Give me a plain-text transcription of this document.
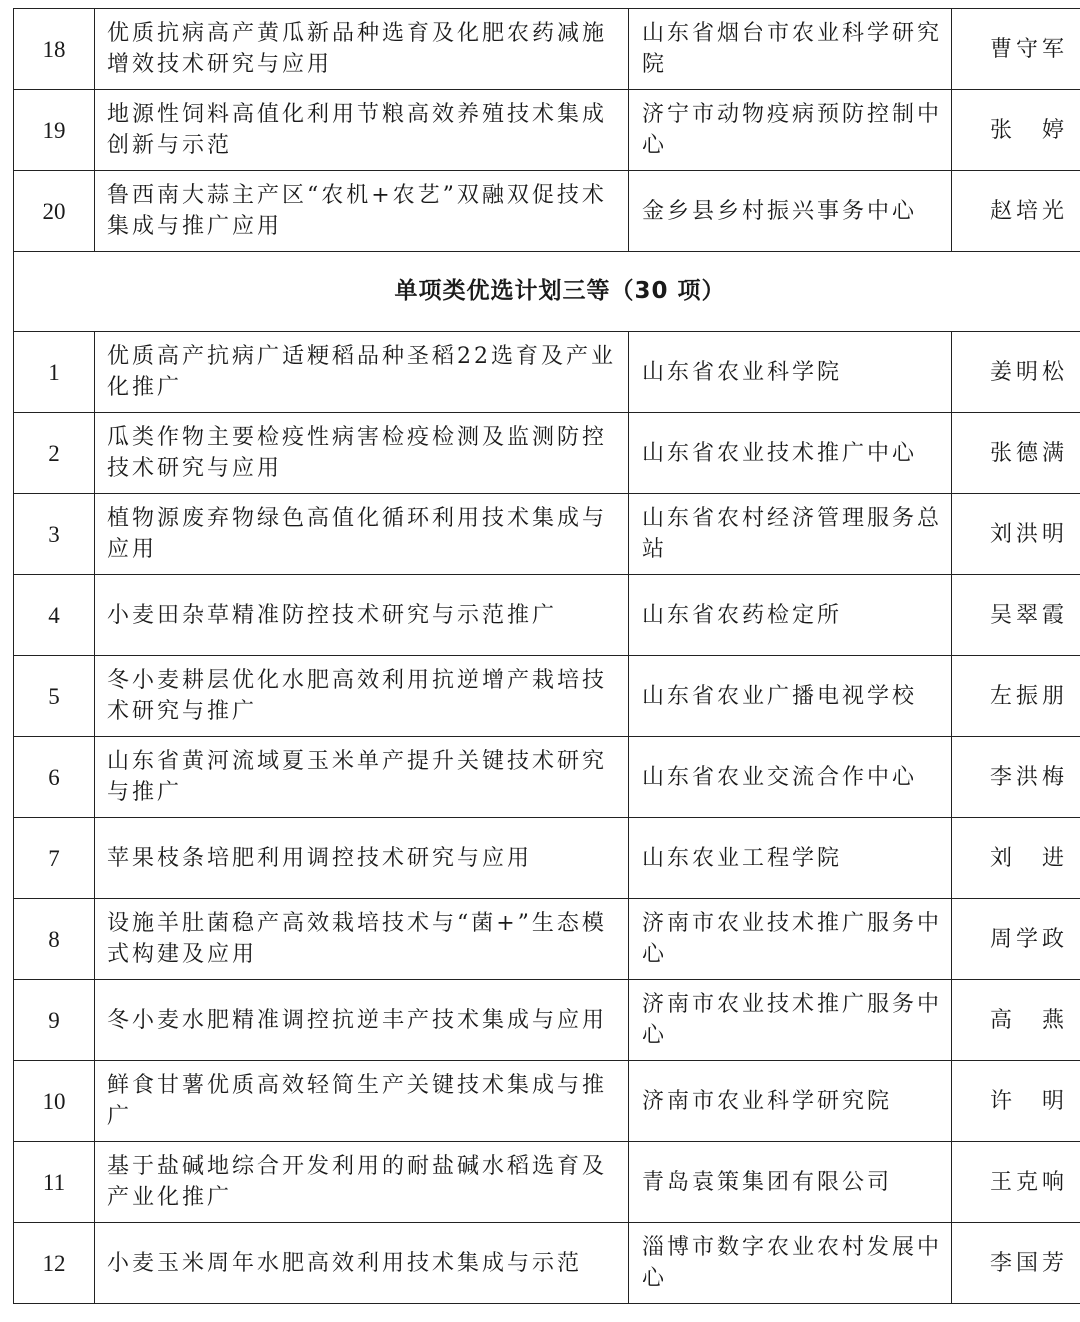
18	优质抗病高产黄瓜新品种选育及化肥农药减施增效技术研究与应用	山东省烟台市农业科学研究院	曹守军
19	地源性饲料高值化利用节粮高效养殖技术集成创新与示范	济宁市动物疫病预防控制中心	张　婷
20	鲁西南大蒜主产区“农机+农艺”双融双促技术集成与推广应用	金乡县乡村振兴事务中心	赵培光
单项类优选计划三等（30 项）			
1	优质高产抗病广适粳稻品种圣稻22选育及产业化推广	山东省农业科学院	姜明松
2	瓜类作物主要检疫性病害检疫检测及监测防控技术研究与应用	山东省农业技术推广中心	张德满
3	植物源废弃物绿色高值化循环利用技术集成与应用	山东省农村经济管理服务总站	刘洪明
4	小麦田杂草精准防控技术研究与示范推广	山东省农药检定所	吴翠霞
5	冬小麦耕层优化水肥高效利用抗逆增产栽培技术研究与推广	山东省农业广播电视学校	左振朋
6	山东省黄河流域夏玉米单产提升关键技术研究与推广	山东省农业交流合作中心	李洪梅
7	苹果枝条培肥利用调控技术研究与应用	山东农业工程学院	刘　进
8	设施羊肚菌稳产高效栽培技术与“菌+”生态模式构建及应用	济南市农业技术推广服务中心	周学政
9	冬小麦水肥精准调控抗逆丰产技术集成与应用	济南市农业技术推广服务中心	高　燕
10	鲜食甘薯优质高效轻简生产关键技术集成与推广	济南市农业科学研究院	许　明
11	基于盐碱地综合开发利用的耐盐碱水稻选育及产业化推广	青岛袁策集团有限公司	王克响
12	小麦玉米周年水肥高效利用技术集成与示范	淄博市数字农业农村发展中心	李国芳
